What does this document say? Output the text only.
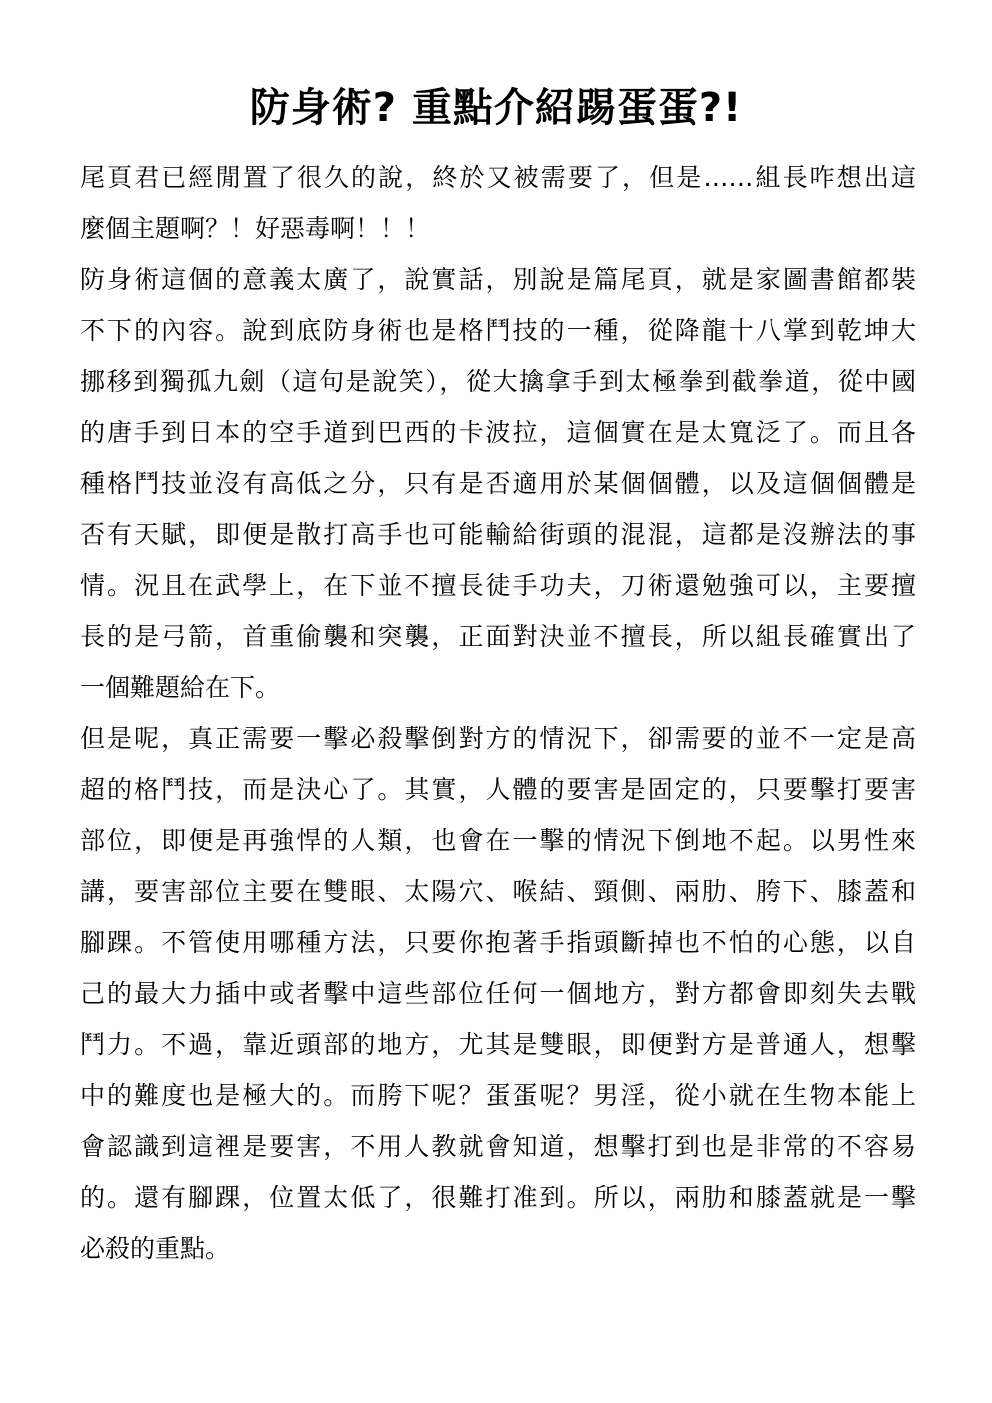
防身術? 重點介紹踢蛋蛋?!
尾頁君已經閒置了很久的說，終於又被需要了，但是……組長咋想出這
麼個主題啊？！好惡毒啊！！！
防身術這個的意義太廣了，說實話，別說是篇尾頁，就是家圖書館都裝
不下的內容。說到底防身術也是格鬥技的一種，從降龍十八掌到乾坤大
挪移到獨孤九劍（這句是說笑），從大擒拿手到太極拳到截拳道，從中國
的唐手到日本的空手道到巴西的卡波拉，這個實在是太寬泛了。而且各
種格鬥技並沒有高低之分，只有是否適用於某個個體，以及這個個體是
否有天賦，即便是散打高手也可能輸給街頭的混混，這都是沒辦法的事
情。況且在武學上，在下並不擅長徒手功夫，刀術還勉強可以，主要擅
長的是弓箭，首重偷襲和突襲，正面對決並不擅長，所以組長確實出了
一個難題給在下。
但是呢，真正需要一擊必殺擊倒對方的情況下，卻需要的並不一定是高
超的格鬥技，而是決心了。其實，人體的要害是固定的，只要擊打要害
部位，即便是再強悍的人類，也會在一擊的情況下倒地不起。以男性來
講，要害部位主要在雙眼、太陽穴、喉結、頸側、兩肋、胯下、膝蓋和
腳踝。不管使用哪種方法，只要你抱著手指頭斷掉也不怕的心態，以自
己的最大力插中或者擊中這些部位任何一個地方，對方都會即刻失去戰
鬥力。不過，靠近頭部的地方，尤其是雙眼，即便對方是普通人，想擊
中的難度也是極大的。而胯下呢？蛋蛋呢？男淫，從小就在生物本能上
會認識到這裡是要害，不用人教就會知道，想擊打到也是非常的不容易
的。還有腳踝，位置太低了，很難打准到。所以，兩肋和膝蓋就是一擊
必殺的重點。
